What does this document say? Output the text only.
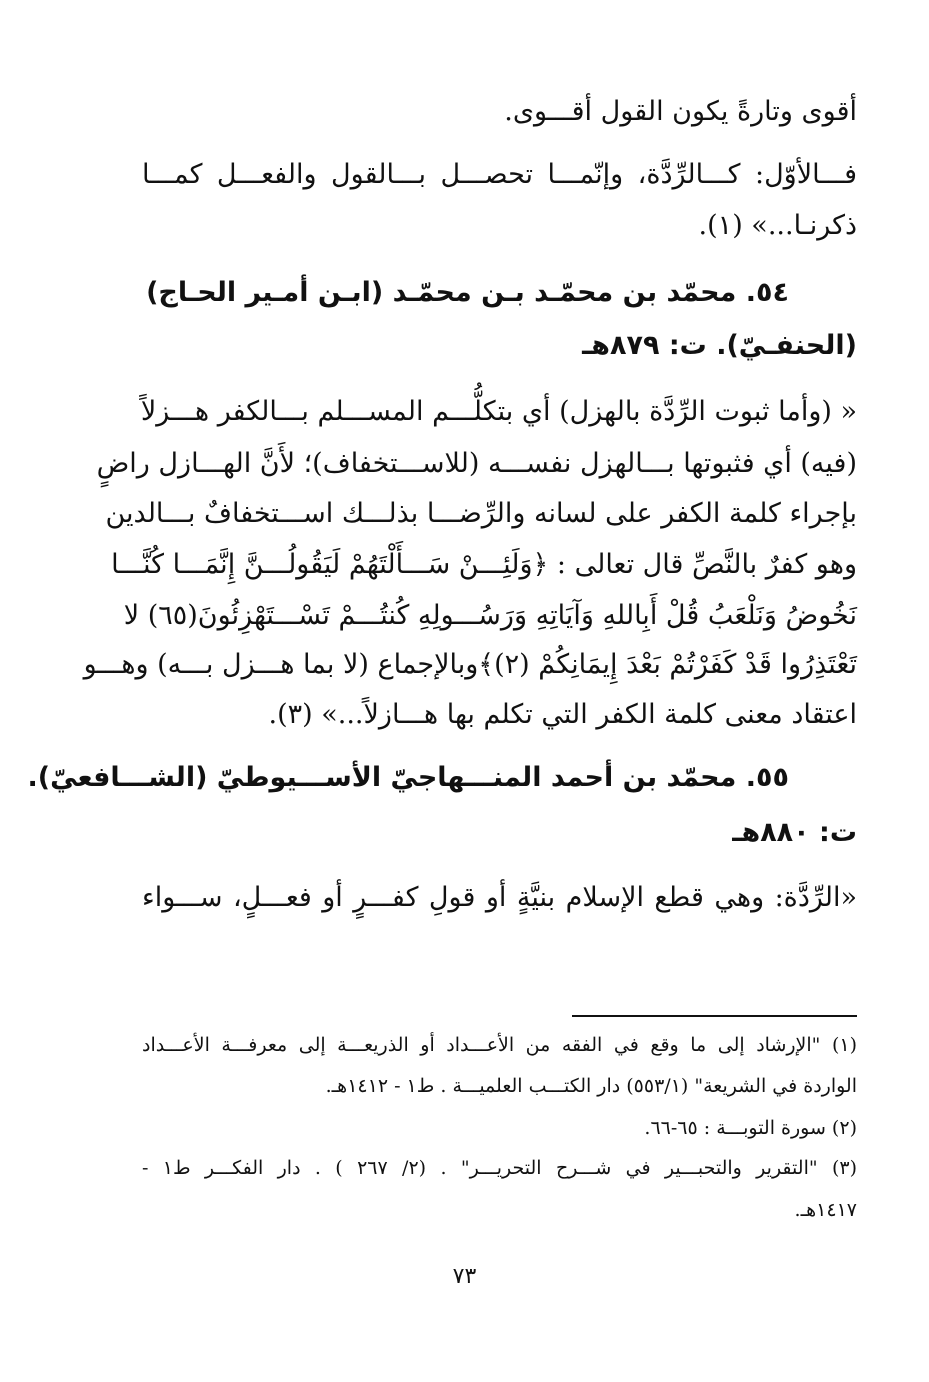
أقوى وتارةً يكون القول أقـــوى.
فـــالأوّل: كـــالرِّدَّة، وإنّمـــا تحصـــل بـــالقول والفعـــل كمـــا
ذكرنـا...» (١).
٥٤. محمّد بن محمّـد بـن محمّـد (ابـن أمـير الحـاج)
(الحنفـيّ). ت: ٨٧٩هـ
« (وأما ثبوت الرِّدَّة بالهزل) أي بتكلُّـــم المســـلم بـــالكفر هـــزلاً
(فيه) أي فثبوتها بـــالهزل نفســـه (للاســـتخفاف)؛ لأَنَّ الهـــازل راضٍ
بإجراء كلمة الكفر على لسانه والرِّضـــا بذلـــك اســـتخفافٌ بـــالدين
وهو كفرٌ بالنَّصِّ قال تعالى : ﴿وَلَئِـــنْ سَـــأَلْتَهُمْ لَيَقُولُـــنَّ إِنَّمَـــا كُنَّـــا
نَخُوضُ وَنَلْعَبُ قُلْ أَبِاللهِ وَآيَاتِهِ وَرَسُـــولِهِ كُنتُـــمْ تَسْـــتَهْزِئُونَ(٦٥) لا
تَعْتَذِرُوا قَدْ كَفَرْتُمْ بَعْدَ إِيمَانِكُمْ (٢)﴾وبالإجماع (لا بما هـــزل بـــه) وهـــو
اعتقاد معنى كلمة الكفر التي تكلم بها هـــازلاً...» (٣).
٥٥. محمّد بن أحمد المنـــهاجيّ الأســـيوطيّ (الشـــافعيّ).
ت: ٨٨٠هـ
«الرِّدَّة: وهي قطع الإسلام بنيَّةٍ أو قولِ كفـــرٍ أو فعـــلٍ، ســـواء
(١) "الإرشاد إلى ما وقع في الفقه من الأعـــداد أو الذريعـــة إلى معرفـــة الأعـــداد
الواردة في الشريعة" (٥٥٣/١) دار الكتـــب العلميـــة . ط١ - ١٤١٢هـ.
(٢) سورة التوبـــة : ٦٥-٦٦.
(٣) "التقرير والتحبـــير في شـــرح التحريـــر" . (٢/ ٢٦٧ ) . دار الفكـــر ط١ -
١٤١٧هـ.
٧٣
